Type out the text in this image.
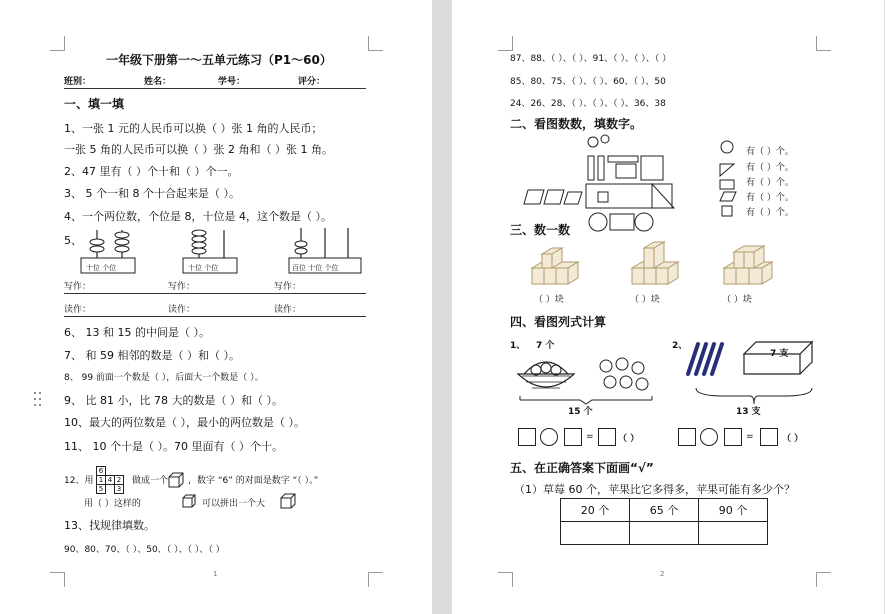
一年级下册第一～五单元练习（P1～60）
班别：	姓名：	学号：	评分：
一、填一填
1、一张 1 元的人民币可以换（ ）张 1 角的人民币；
一张 5 角的人民币可以换（ ）张 2 角和（ ）张 1 角。
2、47 里有（ ）个十和（ ）个一。
3、 5 个一和 8 个十合起来是（ ）。
4、一个两位数，个位是 8，十位是 4，这个数是（ ）。
5、
十位 个位	十位 个位	百位 十位 个位
写作：	写作：	写作：
读作：	读作：	读作：
6、 13 和 15 的中间是（ ）。
7、 和 59 相邻的数是（ ）和（ ）。
8、 99 前面一个数是（ ），后面大一个数是（ ）。
9、 比 81 小，比 78 大的数是（ ）和（ ）。
10、最大的两位数是（ ），最小的两位数是（ ）。
11、 10 个十是（ ）。70 里面有（ ）个十。
12、用
6
1 4 2
3
5
做成一个 ，数字 “6” 的对面是数字 “（ ）。”
用（ ）这样的	可以拼出一个大
13、找规律填数。
90、80、70、（ ）、50、（ ）、（ ）、（ ）
1
87、88、（ ）、（ ）、91、（ ）、（ ）、（ ）
85、80、75、（ ）、（ ）、60、（ ）、50
24、26、28、（ ）、（ ）、（ ）、36、38
二、看图数数，填数字。
有（ ）个。
有（ ）个。
有（ ）个。
有（ ）个。
有（ ）个。
三、数一数
（ ）块	（ ）块	（ ）块
四、看图列式计算
1、 7 个
15 个
2、
7 支
13 支
=	（ ）	=	（ ）
五、在正确答案下面画“√”
（1）草莓 60 个，苹果比它多得多，苹果可能有多少个？
20 个	65 个	90 个

2
